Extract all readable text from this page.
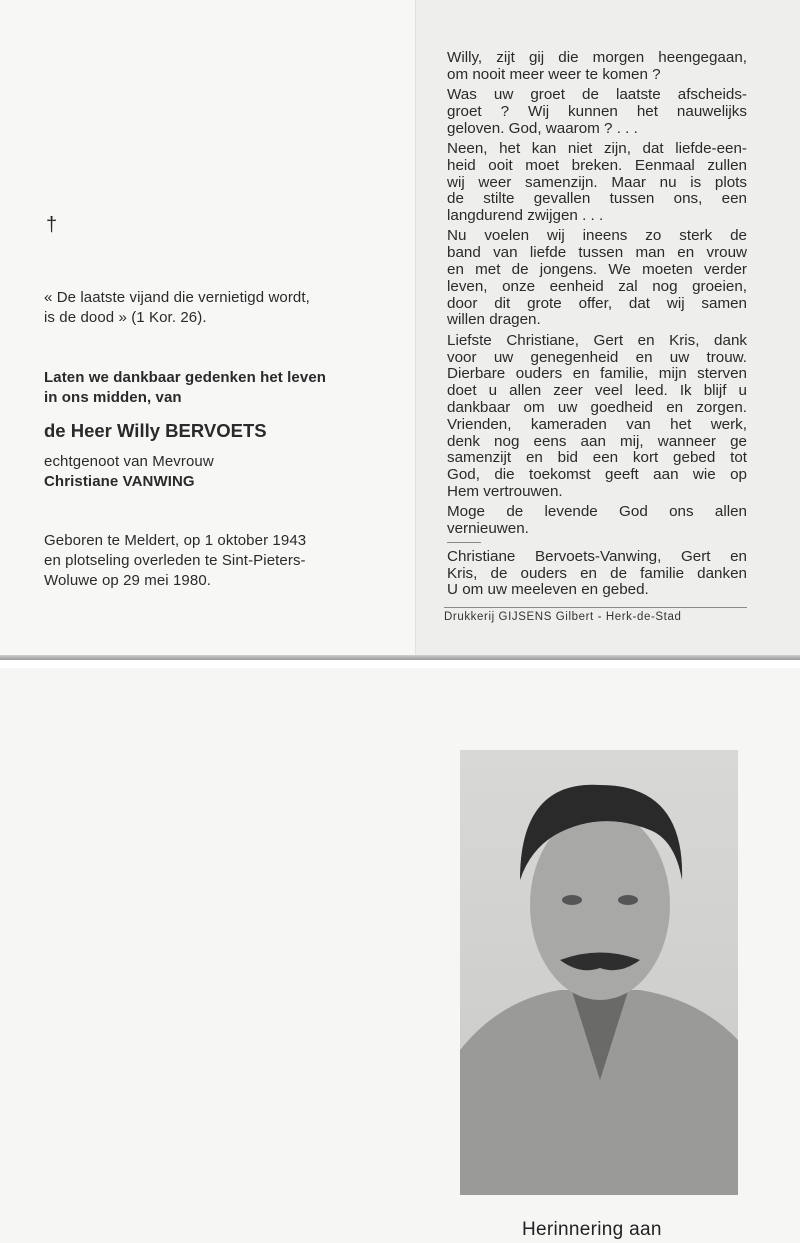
†
« De laatste vijand die vernietigd wordt,
is de dood » (1 Kor. 26).
Laten we dankbaar gedenken het leven
in ons midden, van
de Heer Willy BERVOETS
echtgenoot van Mevrouw
Christiane VANWING
Geboren te Meldert, op 1 oktober 1943
en plotseling overleden te Sint-Pieters-
Woluwe op 29 mei 1980.
Willy, zijt gij die morgen heengegaan,
om nooit meer weer te komen ?
Was uw groet de laatste afscheids-
groet ? Wij kunnen het nauwelijks
geloven. God, waarom ? . . .
Neen, het kan niet zijn, dat liefde-een-
heid ooit moet breken. Eenmaal zullen
wij weer samenzijn. Maar nu is plots
de stilte gevallen tussen ons, een
langdurend zwijgen . . .
Nu voelen wij ineens zo sterk de
band van liefde tussen man en vrouw
en met de jongens. We moeten verder
leven, onze eenheid zal nog groeien,
door dit grote offer, dat wij samen
willen dragen.
Liefste Christiane, Gert en Kris, dank
voor uw genegenheid en uw trouw.
Dierbare ouders en familie, mijn sterven
doet u allen zeer veel leed. Ik blijf u
dankbaar om uw goedheid en zorgen.
Vrienden, kameraden van het werk,
denk nog eens aan mij, wanneer ge
samenzijt en bid een kort gebed tot
God, die toekomst geeft aan wie op
Hem vertrouwen.
Moge de levende God ons allen
vernieuwen.
Christiane Bervoets-Vanwing, Gert en
Kris, de ouders en de familie danken
U om uw meeleven en gebed.
Drukkerij GIJSENS Gilbert - Herk-de-Stad
Herinnering aan
